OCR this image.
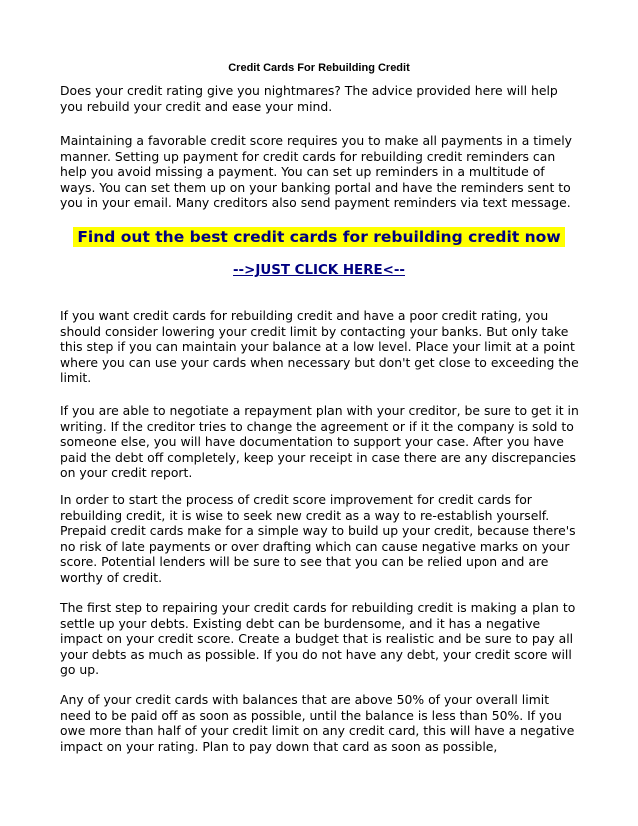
Credit Cards For Rebuilding Credit

Does your credit rating give you nightmares? The advice provided here will help you rebuild your credit and ease your mind.

Maintaining a favorable credit score requires you to make all payments in a timely manner. Setting up payment for credit cards for rebuilding credit reminders can help you avoid missing a payment. You can set up reminders in a multitude of ways. You can set them up on your banking portal and have the reminders sent to you in your email. Many creditors also send payment reminders via text message.

Find out the best credit cards for rebuilding credit now
-->JUST CLICK HERE<--

If you want credit cards for rebuilding credit and have a poor credit rating, you should consider lowering your credit limit by contacting your banks. But only take this step if you can maintain your balance at a low level. Place your limit at a point where you can use your cards when necessary but don't get close to exceeding the limit.

If you are able to negotiate a repayment plan with your creditor, be sure to get it in writing. If the creditor tries to change the agreement or if it the company is sold to someone else, you will have documentation to support your case. After you have paid the debt off completely, keep your receipt in case there are any discrepancies on your credit report.

In order to start the process of credit score improvement for credit cards for rebuilding credit, it is wise to seek new credit as a way to re-establish yourself. Prepaid credit cards make for a simple way to build up your credit, because there's no risk of late payments or over drafting which can cause negative marks on your score. Potential lenders will be sure to see that you can be relied upon and are worthy of credit.

The first step to repairing your credit cards for rebuilding credit is making a plan to settle up your debts. Existing debt can be burdensome, and it has a negative impact on your credit score. Create a budget that is realistic and be sure to pay all your debts as much as possible. If you do not have any debt, your credit score will go up.

Any of your credit cards with balances that are above 50% of your overall limit need to be paid off as soon as possible, until the balance is less than 50%. If you owe more than half of your credit limit on any credit card, this will have a negative impact on your rating. Plan to pay down that card as soon as possible,
